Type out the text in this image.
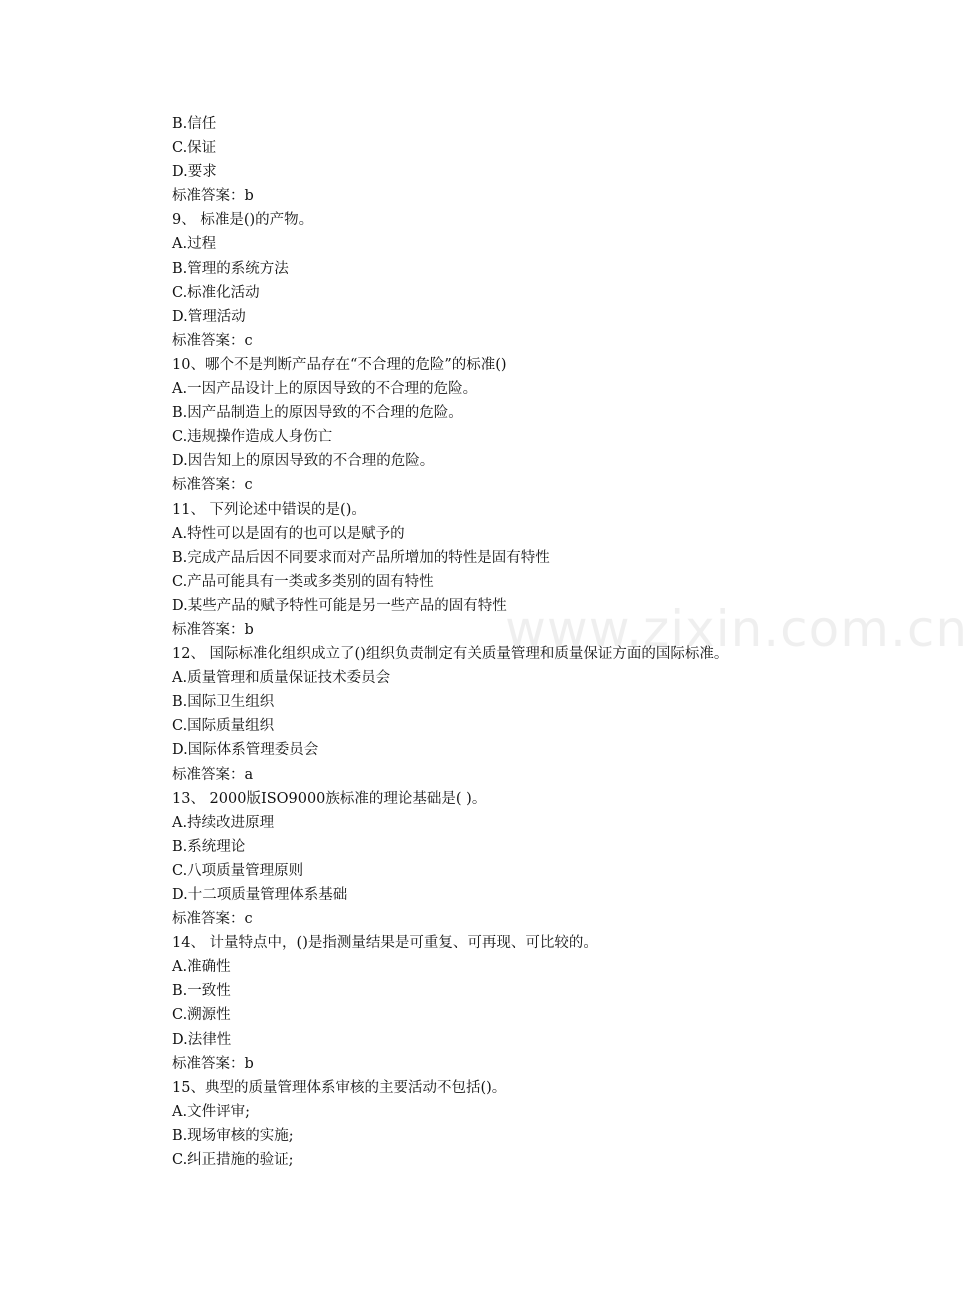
www.zixin.com.cn
B.信任
C.保证
D.要求
标准答案：b
9、 标准是()的产物。
A.过程
B.管理的系统方法
C.标准化活动
D.管理活动
标准答案：c
10、哪个不是判断产品存在“不合理的危险”的标准()
A.一因产品设计上的原因导致的不合理的危险。
B.因产品制造上的原因导致的不合理的危险。
C.违规操作造成人身伤亡
D.因告知上的原因导致的不合理的危险。
标准答案：c
11、 下列论述中错误的是()。
A.特性可以是固有的也可以是赋予的
B.完成产品后因不同要求而对产品所增加的特性是固有特性
C.产品可能具有一类或多类别的固有特性
D.某些产品的赋予特性可能是另一些产品的固有特性
标准答案：b
12、 国际标准化组织成立了()组织负责制定有关质量管理和质量保证方面的国际标准。
A.质量管理和质量保证技术委员会
B.国际卫生组织
C.国际质量组织
D.国际体系管理委员会
标准答案：a
13、 2000版ISO9000族标准的理论基础是( )。
A.持续改进原理
B.系统理论
C.八项质量管理原则
D.十二项质量管理体系基础
标准答案：c
14、 计量特点中，()是指测量结果是可重复、可再现、可比较的。
A.准确性
B.一致性
C.溯源性
D.法律性
标准答案：b
15、典型的质量管理体系审核的主要活动不包括()。
A.文件评审;
B.现场审核的实施;
C.纠正措施的验证;
